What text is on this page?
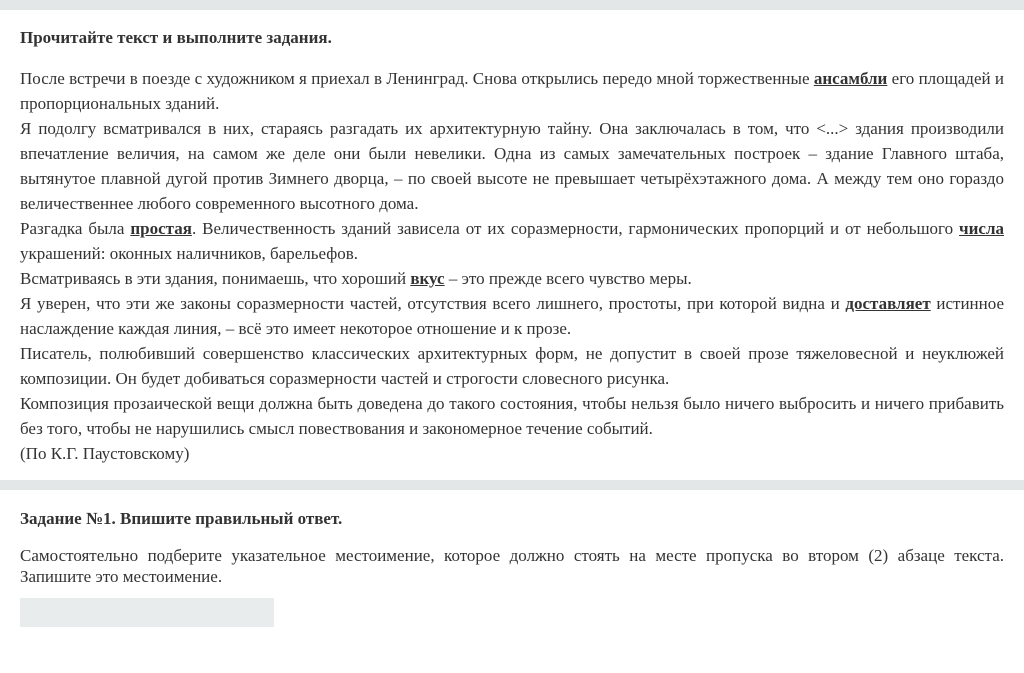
Прочитайте текст и выполните задания.

После встречи в поезде с художником я приехал в Ленинград. Снова открылись передо мной торжественные ансамбли его площадей и пропорциональных зданий.

Я подолгу всматривался в них, стараясь разгадать их архитектурную тайну. Она заключалась в том, что <...> здания производили впечатление величия, на самом же деле они были невелики. Одна из самых замечательных построек – здание Главного штаба, вытянутое плавной дугой против Зимнего дворца, – по своей высоте не превышает четырёхэтажного дома. А между тем оно гораздо величественнее любого современного высотного дома.

Разгадка была простая. Величественность зданий зависела от их соразмерности, гармонических пропорций и от небольшого числа украшений: оконных наличников, барельефов.

Всматриваясь в эти здания, понимаешь, что хороший вкус – это прежде всего чувство меры.

Я уверен, что эти же законы соразмерности частей, отсутствия всего лишнего, простоты, при которой видна и доставляет истинное наслаждение каждая линия, – всё это имеет некоторое отношение и к прозе.

Писатель, полюбивший совершенство классических архитектурных форм, не допустит в своей прозе тяжеловесной и неуклюжей композиции. Он будет добиваться соразмерности частей и строгости словесного рисунка.

Композиция прозаической вещи должна быть доведена до такого состояния, чтобы нельзя было ничего выбросить и ничего прибавить без того, чтобы не нарушились смысл повествования и закономерное течение событий.

(По К.Г. Паустовскому)

Задание №1. Впишите правильный ответ.

Самостоятельно подберите указательное местоимение, которое должно стоять на месте пропуска во втором (2) абзаце текста. Запишите это местоимение.
